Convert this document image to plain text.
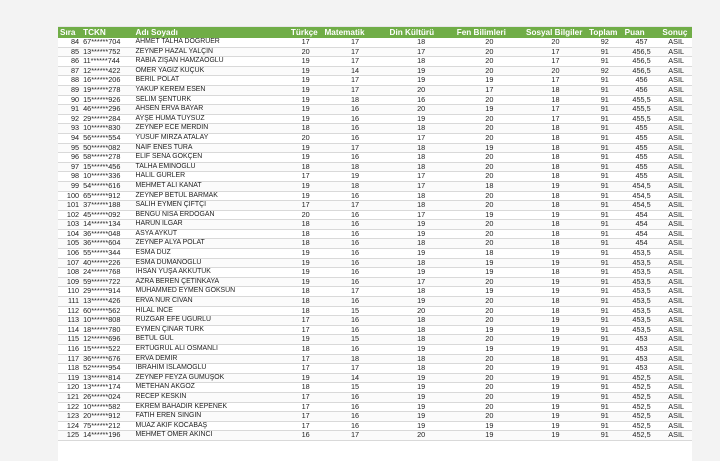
Sıra	TCKN	Adı Soyadı	Türkçe	Matematik	Din Kültürü	Fen Bilimleri	Sosyal Bilgiler	Toplam	Puan	Sonuç
84	67******704	AHMET TALHA DOĞRUER	17	17	18	20	20	92	457	ASIL
85	13******752	ZEYNEP HAZAL YALÇIN	20	17	17	20	17	91	456,5	ASIL
86	11******744	RABIA ZİŞAN HAMZAOĞLU	19	17	18	20	17	91	456,5	ASIL
87	12******422	ÖMER YAĞIZ KÜÇÜK	19	14	19	20	20	92	456,5	ASIL
88	16******206	BERİL POLAT	19	17	19	19	17	91	456	ASIL
89	19******278	YAKUP KEREM ESEN	19	17	20	17	18	91	456	ASIL
90	15******926	SELİM ŞENTÜRK	19	18	16	20	18	91	455,5	ASIL
91	46******296	AHSEN ERVA BAYAR	19	16	20	19	17	91	455,5	ASIL
92	29******284	AYŞE HÜMA TÜYSÜZ	19	16	19	20	17	91	455,5	ASIL
93	10******830	ZEYNEP ECE MERDİN	18	16	18	20	18	91	455	ASIL
94	56******554	YUSUF MİRZA ATALAY	20	16	17	20	18	91	455	ASIL
95	50******082	NAİF ENES TURA	19	17	18	19	18	91	455	ASIL
96	58******278	ELİF SENA GÖKÇEN	19	16	18	20	18	91	455	ASIL
97	15******456	TALHA EMİNOĞLU	18	18	18	20	18	91	455	ASIL
98	10******336	HALİL GÜRLER	17	19	17	20	18	91	455	ASIL
99	54******616	MEHMET ALİ KANAT	19	18	17	18	19	91	454,5	ASIL
100	65******912	ZEYNEP BETÜL BARMAK	19	16	18	20	18	91	454,5	ASIL
101	37******188	SALİH EYMEN ÇİFTÇİ	17	17	18	20	18	91	454,5	ASIL
102	45******092	BENGÜ NİSA ERDOĞAN	20	16	17	19	19	91	454	ASIL
103	14******134	HARUN İLGAR	18	16	19	20	18	91	454	ASIL
104	36******048	ASYA AYKUT	18	16	19	20	18	91	454	ASIL
105	36******604	ZEYNEP ALYA POLAT	18	16	18	20	18	91	454	ASIL
106	55******344	ESMA DÜZ	19	16	19	18	19	91	453,5	ASIL
107	40******226	ESMA DUMANOĞLU	19	16	18	19	19	91	453,5	ASIL
108	24******768	İHSAN YUŞA AKKÜTÜK	19	16	19	19	18	91	453,5	ASIL
109	59******722	AZRA BEREN ÇETİNKAYA	19	16	17	20	19	91	453,5	ASIL
110	29******914	MUHAMMED EYMEN GÖKSÜN	18	17	18	19	19	91	453,5	ASIL
111	13******426	ERVA NUR CİVAN	18	16	19	20	18	91	453,5	ASIL
112	60******562	HİLAL İNCE	18	15	20	20	18	91	453,5	ASIL
113	10******808	RÜZGAR EFE UĞURLU	17	16	18	20	19	91	453,5	ASIL
114	18******780	EYMEN ÇINAR TÜRK	17	16	18	19	19	91	453,5	ASIL
115	12******696	BETÜL GÜL	19	15	18	20	19	91	453	ASIL
116	15******522	ERTUĞRUL ALİ OSMANLI	18	16	19	19	19	91	453	ASIL
117	36******676	ERVA DEMİR	17	18	18	20	18	91	453	ASIL
118	52******954	İBRAHİM İSLAMOĞLU	17	17	18	20	19	91	453	ASIL
119	13******814	ZEYNEP FEYZA GÜMÜŞOK	19	14	19	20	19	91	452,5	ASIL
120	13******174	METEHAN AKGÖZ	18	15	19	20	19	91	452,5	ASIL
121	26******024	RECEP KESKİN	17	16	19	20	19	91	452,5	ASIL
122	10******582	EKREM BAHADIR KEPENEK	17	16	19	20	19	91	452,5	ASIL
123	20******912	FATİH EREN SİNGİN	17	16	19	20	19	91	452,5	ASIL
124	75******212	MUAZ AKİF KOCABAŞ	17	16	19	19	19	91	452,5	ASIL
125	14******196	MEHMET ÖMER AKINCI	16	17	20	19	19	91	452,5	ASIL
